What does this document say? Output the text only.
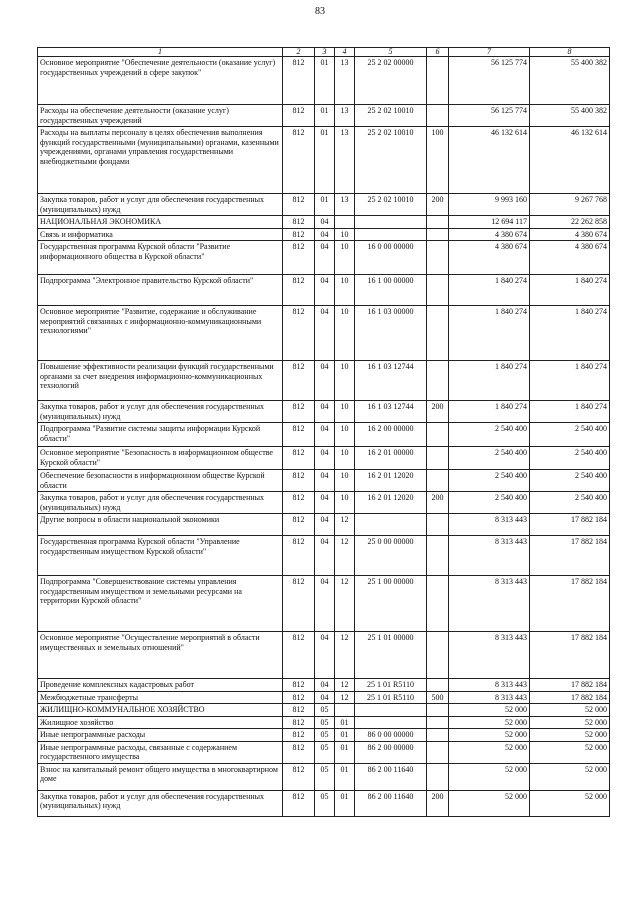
83
1	2	3	4	5	6	7	8
Основное мероприятие "Обеспечение деятельности (оказание услуг) государственных учреждений в сфере закупок"	812	01	13	25 2 02 00000		56 125 774	55 400 382
Расходы на обеспечение деятельности (оказание услуг) государственных учреждений	812	01	13	25 2 02 10010		56 125 774	55 400 382
Расходы на выплаты персоналу в целях обеспечения выполнения функций государственными (муниципальными) органами, казенными учреждениями, органами управления государственными внебюджетными фондами	812	01	13	25 2 02 10010	100	46 132 614	46 132 614
Закупка товаров, работ и услуг для обеспечения государственных (муниципальных) нужд	812	01	13	25 2 02 10010	200	9 993 160	9 267 768
НАЦИОНАЛЬНАЯ ЭКОНОМИКА	812	04				12 694 117	22 262 858
Связь и информатика	812	04	10			4 380 674	4 380 674
Государственная программа Курской области "Развитие информационного общества в Курской области"	812	04	10	16 0 00 00000		4 380 674	4 380 674
Подпрограмма "Электронное правительство Курской области"	812	04	10	16 1 00 00000		1 840 274	1 840 274
Основное мероприятие "Развитие, содержание и обслуживание мероприятий связанных с информационно-коммуникационными технологиями"	812	04	10	16 1 03 00000		1 840 274	1 840 274
Повышение эффективности реализации функций государственными органами за счет внедрения информационно-коммуникационных технологий	812	04	10	16 1 03 12744		1 840 274	1 840 274
Закупка товаров, работ и услуг для обеспечения государственных (муниципальных) нужд	812	04	10	16 1 03 12744	200	1 840 274	1 840 274
Подпрограмма "Развитие системы защиты информации Курской области"	812	04	10	16 2 00 00000		2 540 400	2 540 400
Основное мероприятие "Безопасность в информационном обществе Курской области"	812	04	10	16 2 01 00000		2 540 400	2 540 400
Обеспечение безопасности в информационном обществе Курской области	812	04	10	16 2 01 12020		2 540 400	2 540 400
Закупка товаров, работ и услуг для обеспечения государственных (муниципальных) нужд	812	04	10	16 2 01 12020	200	2 540 400	2 540 400
Другие вопросы в области национальной экономики	812	04	12			8 313 443	17 882 184
Государственная программа Курской области "Управление государственным имуществом Курской области"	812	04	12	25 0 00 00000		8 313 443	17 882 184
Подпрограмма "Совершенствование системы управления государственным имуществом и земельными ресурсами на территории Курской области"	812	04	12	25 1 00 00000		8 313 443	17 882 184
Основное мероприятие "Осуществление мероприятий в области имущественных и земельных отношений"	812	04	12	25 1 01 00000		8 313 443	17 882 184
Проведение комплексных кадастровых работ	812	04	12	25 1 01 R5110		8 313 443	17 882 184
Межбюджетные трансферты	812	04	12	25 1 01 R5110	500	8 313 443	17 882 184
ЖИЛИЩНО-КОММУНАЛЬНОЕ ХОЗЯЙСТВО	812	05				52 000	52 000
Жилищное хозяйство	812	05	01			52 000	52 000
Иные непрограммные расходы	812	05	01	86 0 00 00000		52 000	52 000
Иные непрограммные расходы, связанные с содержанием государственного имущества	812	05	01	86 2 00 00000		52 000	52 000
Взнос на капитальный ремонт общего имущества в многоквартирном доме	812	05	01	86 2 00 11640		52 000	52 000
Закупка товаров, работ и услуг для обеспечения государственных (муниципальных) нужд	812	05	01	86 2 00 11640	200	52 000	52 000
